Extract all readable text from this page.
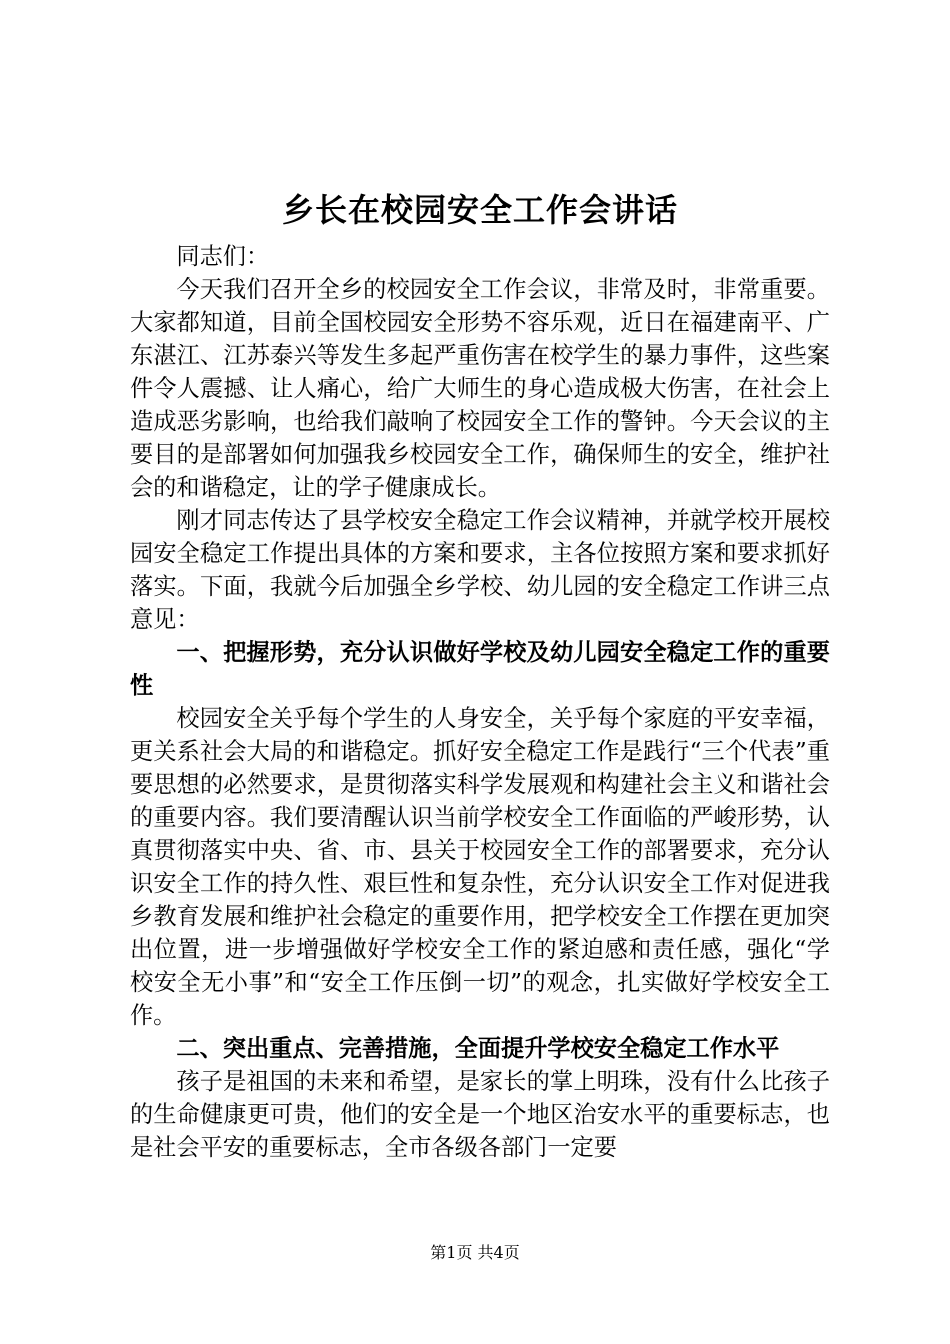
乡长在校园安全工作会讲话

同志们：

今天我们召开全乡的校园安全工作会议，非常及时，非常重要。大家都知道，目前全国校园安全形势不容乐观，近日在福建南平、广东湛江、江苏泰兴等发生多起严重伤害在校学生的暴力事件，这些案件令人震撼、让人痛心，给广大师生的身心造成极大伤害，在社会上造成恶劣影响，也给我们敲响了校园安全工作的警钟。今天会议的主要目的是部署如何加强我乡校园安全工作，确保师生的安全，维护社会的和谐稳定，让的学子健康成长。

刚才同志传达了县学校安全稳定工作会议精神，并就学校开展校园安全稳定工作提出具体的方案和要求，主各位按照方案和要求抓好落实。下面，我就今后加强全乡学校、幼儿园的安全稳定工作讲三点意见：

一、把握形势，充分认识做好学校及幼儿园安全稳定工作的重要性

校园安全关乎每个学生的人身安全，关乎每个家庭的平安幸福，更关系社会大局的和谐稳定。抓好安全稳定工作是践行“三个代表”重要思想的必然要求，是贯彻落实科学发展观和构建社会主义和谐社会的重要内容。我们要清醒认识当前学校安全工作面临的严峻形势，认真贯彻落实中央、省、市、县关于校园安全工作的部署要求，充分认识安全工作的持久性、艰巨性和复杂性，充分认识安全工作对促进我乡教育发展和维护社会稳定的重要作用，把学校安全工作摆在更加突出位置，进一步增强做好学校安全工作的紧迫感和责任感，强化“学校安全无小事”和“安全工作压倒一切”的观念，扎实做好学校安全工作。

二、突出重点、完善措施，全面提升学校安全稳定工作水平

孩子是祖国的未来和希望，是家长的掌上明珠，没有什么比孩子的生命健康更可贵，他们的安全是一个地区治安水平的重要标志，也是社会平安的重要标志，全市各级各部门一定要

第1页 共4页
